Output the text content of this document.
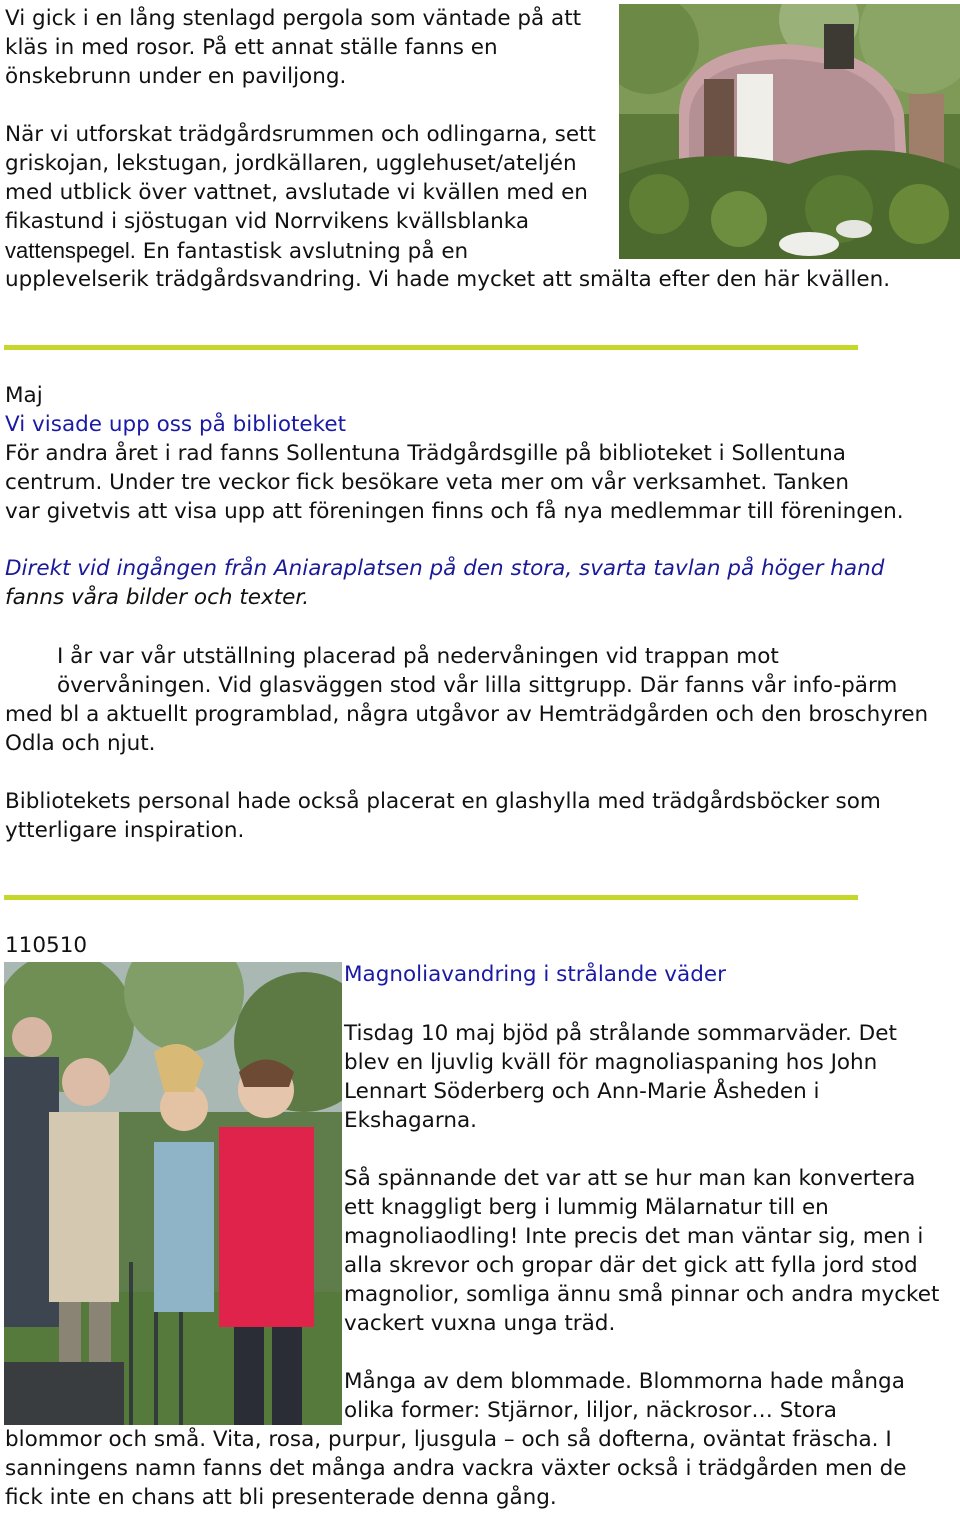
Vi gick i en lång stenlagd pergola som väntade på att
kläs in med rosor. På ett annat ställe fanns en
önskebrunn under en paviljong.
När vi utforskat trädgårdsrummen och odlingarna, sett
griskojan, lekstugan, jordkällaren, ugglehuset/ateljén
med utblick över vattnet, avslutade vi kvällen med en
fikastund i sjöstugan vid Norrvikens kvällsblanka
vattenspegel. En fantastisk avslutning på en
upplevelserik trädgårdsvandring. Vi hade mycket att smälta efter den här kvällen.
Maj
Vi visade upp oss på biblioteket
För andra året i rad fanns Sollentuna Trädgårdsgille på biblioteket i Sollentuna
centrum. Under tre veckor fick besökare veta mer om vår verksamhet. Tanken
var givetvis att visa upp att föreningen finns och få nya medlemmar till föreningen.
Direkt vid ingången från Aniaraplatsen på den stora, svarta tavlan på höger hand
fanns våra bilder och texter.
I år var vår utställning placerad på nedervåningen vid trappan mot
övervåningen. Vid glasväggen stod vår lilla sittgrupp. Där fanns vår info-pärm
med bl a aktuellt programblad, några utgåvor av Hemträdgården och den broschyren
Odla och njut.
Bibliotekets personal hade också placerat en glashylla med trädgårdsböcker som
ytterligare inspiration.
110510
Magnoliavandring i strålande väder
Tisdag 10 maj bjöd på strålande sommarväder. Det
blev en ljuvlig kväll för magnoliaspaning hos John
Lennart Söderberg och Ann-Marie Åsheden i
Ekshagarna.
Så spännande det var att se hur man kan konvertera
ett knaggligt berg i lummig Mälarnatur till en
magnoliaodling! Inte precis det man väntar sig, men i
alla skrevor och gropar där det gick att fylla jord stod
magnolior, somliga ännu små pinnar och andra mycket
vackert vuxna unga träd.
Många av dem blommade. Blommorna hade många
olika former: Stjärnor, liljor, näckrosor… Stora
blommor och små. Vita, rosa, purpur, ljusgula – och så dofterna, oväntat fräscha. I
sanningens namn fanns det många andra vackra växter också i trädgården men de
fick inte en chans att bli presenterade denna gång.
